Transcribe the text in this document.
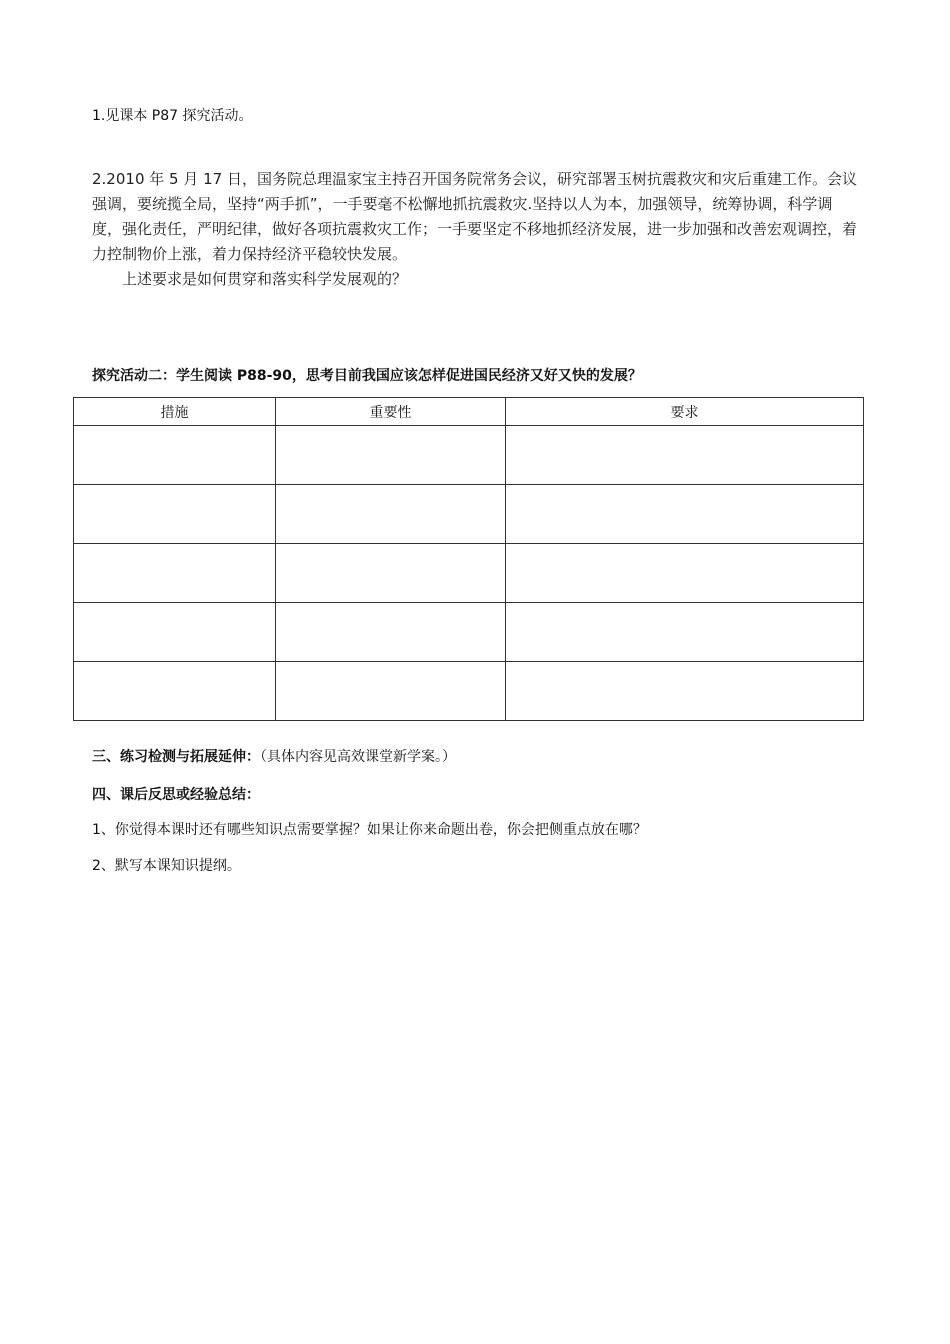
1.见课本 P87 探究活动。
2.2010 年 5 月 17 日，国务院总理温家宝主持召开国务院常务会议，研究部署玉树抗震救灾和灾后重建工作。会议强调，要统揽全局，坚持“两手抓”，一手要毫不松懈地抓抗震救灾.坚持以人为本，加强领导，统筹协调，科学调度，强化责任，严明纪律，做好各项抗震救灾工作；一手要坚定不移地抓经济发展，进一步加强和改善宏观调控，着力控制物价上涨，着力保持经济平稳较快发展。
上述要求是如何贯穿和落实科学发展观的？
探究活动二：学生阅读 P88-90，思考目前我国应该怎样促进国民经济又好又快的发展？
措施	重要性	要求

三、练习检测与拓展延伸：（具体内容见高效课堂新学案。）
四、课后反思或经验总结：
1、你觉得本课时还有哪些知识点需要掌握？如果让你来命题出卷，你会把侧重点放在哪？
2、默写本课知识提纲。
